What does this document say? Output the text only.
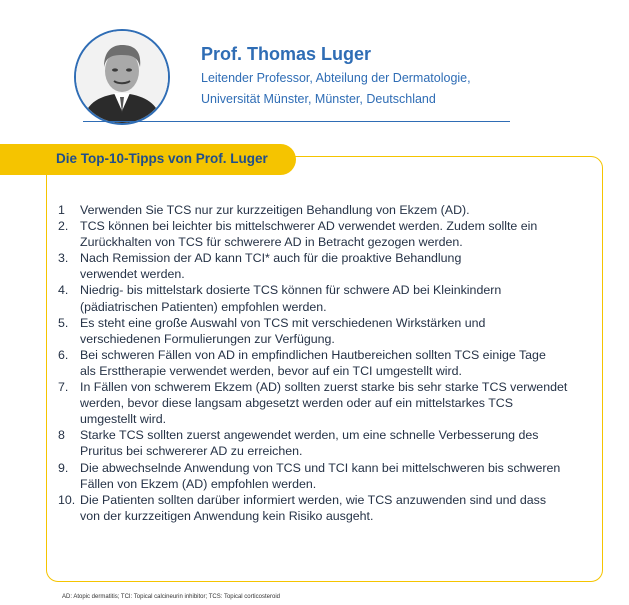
Prof. Thomas Luger
Leitender Professor, Abteilung der Dermatologie,
Universität Münster, Münster, Deutschland
Die Top-10-Tipps von Prof. Luger
1	Verwenden Sie TCS nur zur kurzzeitigen Behandlung von Ekzem (AD).
2. TCS können bei leichter bis mittelschwerer AD verwendet werden. Zudem sollte ein
Zurückhalten von TCS für schwerere AD in Betracht gezogen werden.
3. Nach Remission der AD kann TCI* auch für die proaktive Behandlung
verwendet werden.
4. Niedrig- bis mittelstark dosierte TCS können für schwere AD bei Kleinkindern
(pädiatrischen Patienten) empfohlen werden.
5. Es steht eine große Auswahl von TCS mit verschiedenen Wirkstärken und
verschiedenen Formulierungen zur Verfügung.
6. Bei schweren Fällen von AD in empfindlichen Hautbereichen sollten TCS einige Tage
als Ersttherapie verwendet werden, bevor auf ein TCI umgestellt wird.
7. In Fällen von schwerem Ekzem (AD) sollten zuerst starke bis sehr starke TCS verwendet
werden, bevor diese langsam abgesetzt werden oder auf ein mittelstarkes TCS
umgestellt wird.
8	Starke TCS sollten zuerst angewendet werden, um eine schnelle Verbesserung des
Pruritus bei schwererer AD zu erreichen.
9. Die abwechselnde Anwendung von TCS und TCI kann bei mittelschweren bis schweren
Fällen von Ekzem (AD) empfohlen werden.
10. Die Patienten sollten darüber informiert werden, wie TCS anzuwenden sind und dass
von der kurzzeitigen Anwendung kein Risiko ausgeht.
AD: Atopic dermatitis; TCI: Topical calcineurin inhibitor; TCS: Topical corticosteroid
